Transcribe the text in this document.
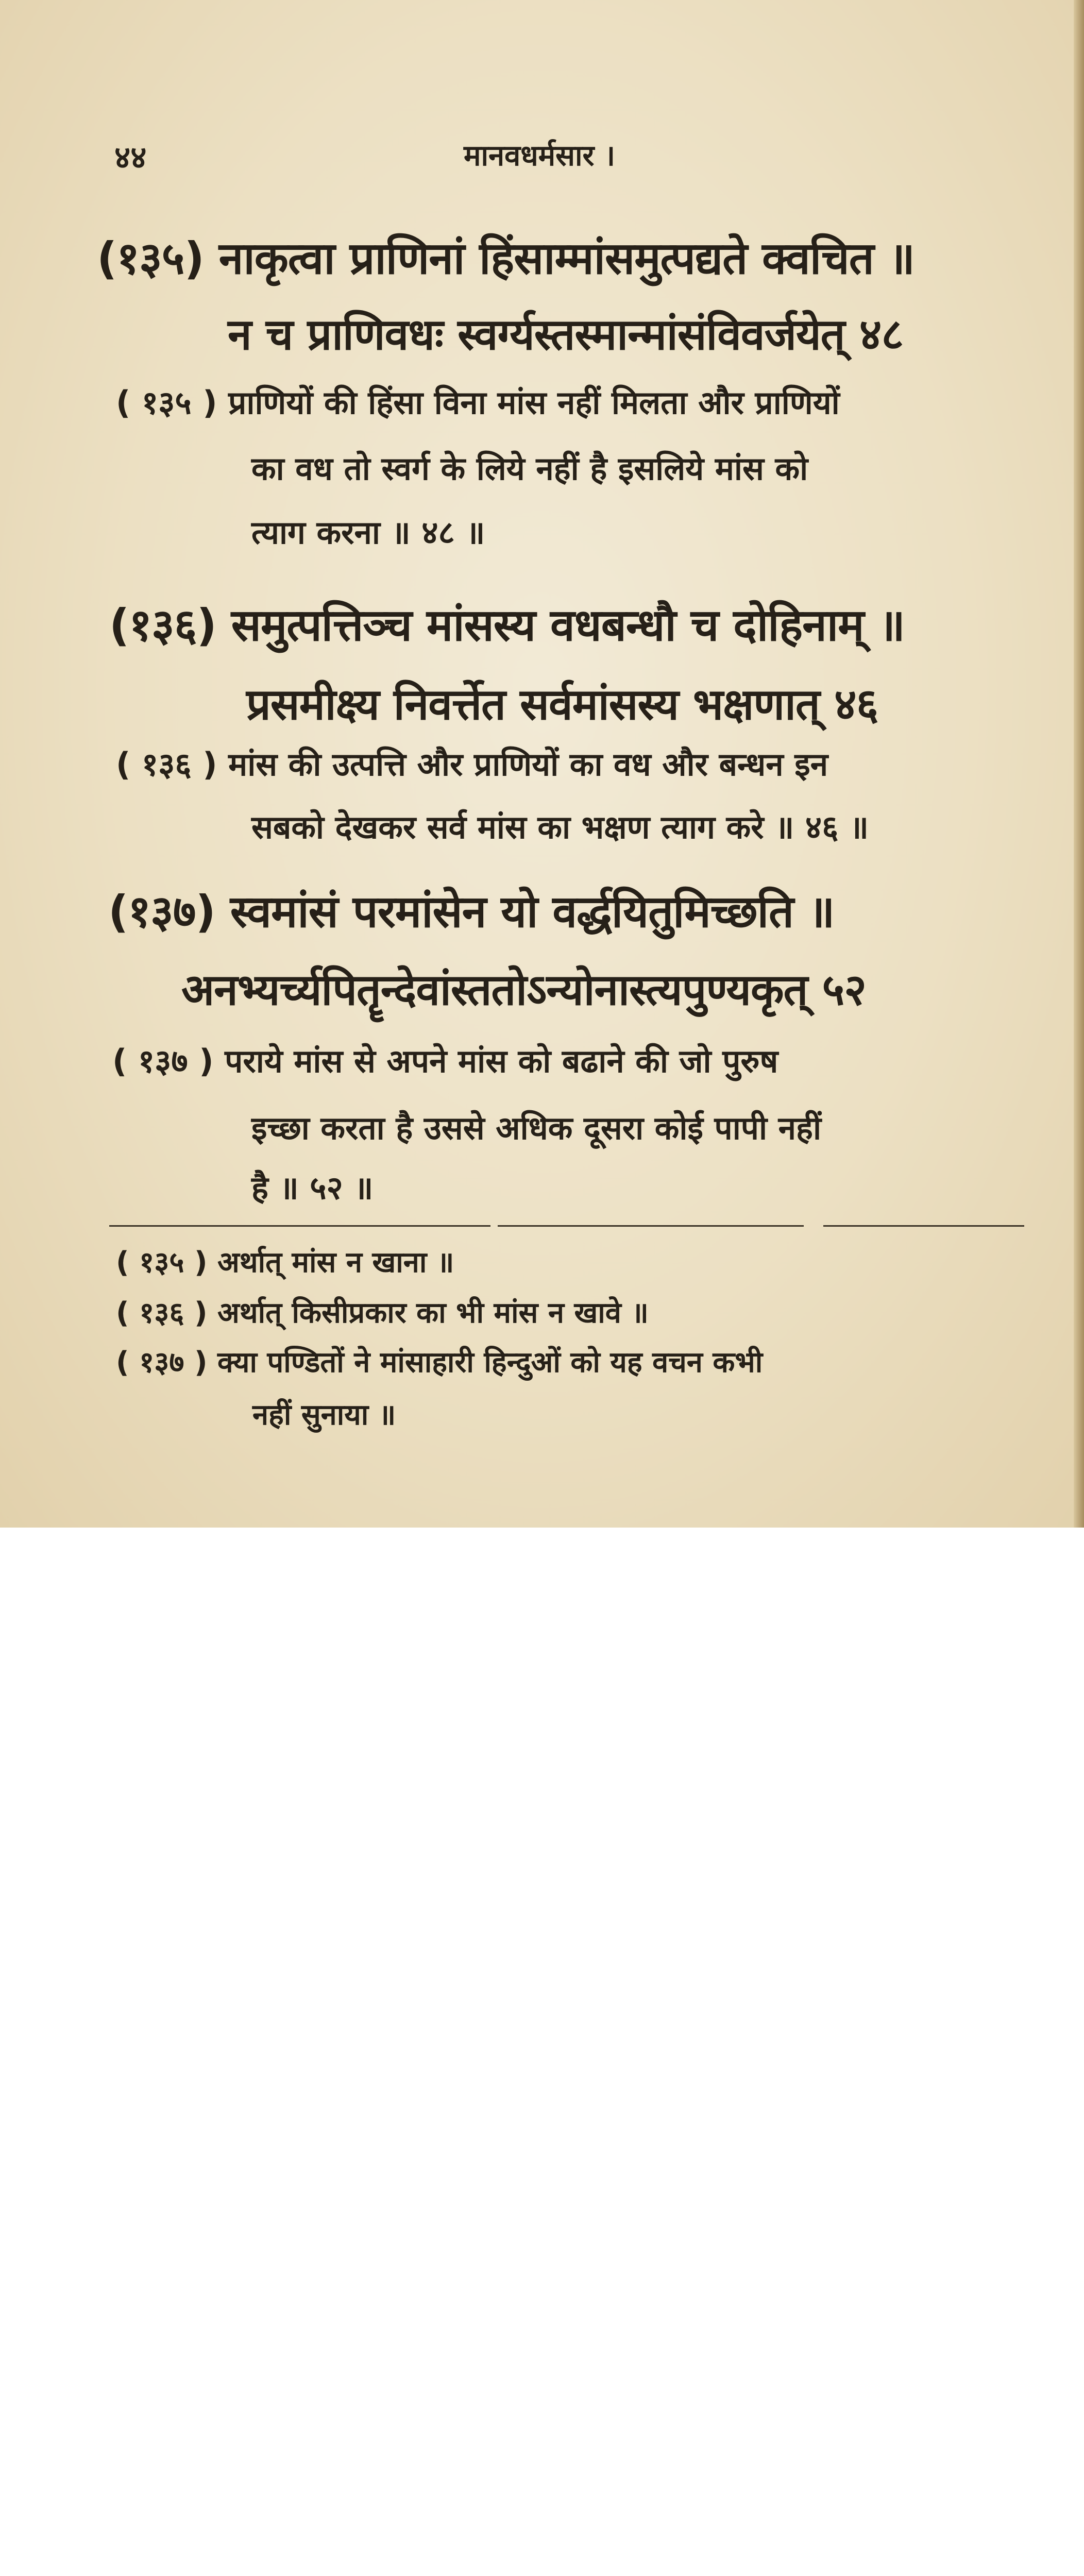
४४	मानवधर्मसार ।
(१३५) नाकृत्वा प्राणिनां हिंसाम्मांसमुत्पद्यते क्वचित ॥
न च प्राणिवधः स्वर्ग्यस्तस्मान्मांसंविवर्जयेत् ४८
( १३५ ) प्राणियों की हिंसा विना मांस नहीं मिलता और प्राणियों
का वध तो स्वर्ग के लिये नहीं है इसलिये मांस को
त्याग करना ॥ ४८ ॥
(१३६) समुत्पत्तिञ्च मांसस्य वधबन्धौ च दोहिनाम् ॥
प्रसमीक्ष्य निवर्त्तेत सर्वमांसस्य भक्षणात् ४६
( १३६ ) मांस की उत्पत्ति और प्राणियों का वध और बन्धन इन
सबको देखकर सर्व मांस का भक्षण त्याग करे ॥ ४६ ॥
(१३७) स्वमांसं परमांसेन यो वर्द्धयितुमिच्छति ॥
अनभ्यर्च्यपितॄन्देवांस्ततोऽन्योनास्त्यपुण्यकृत् ५२
( १३७ ) पराये मांस से अपने मांस को बढाने की जो पुरुष
इच्छा करता है उससे अधिक दूसरा कोई पापी नहीं
है ॥ ५२ ॥
( १३५ ) अर्थात् मांस न खाना ॥
( १३६ ) अर्थात् किसीप्रकार का भी मांस न खावे ॥
( १३७ ) क्या पण्डितों ने मांसाहारी हिन्दुओं को यह वचन कभी
नहीं सुनाया ॥
